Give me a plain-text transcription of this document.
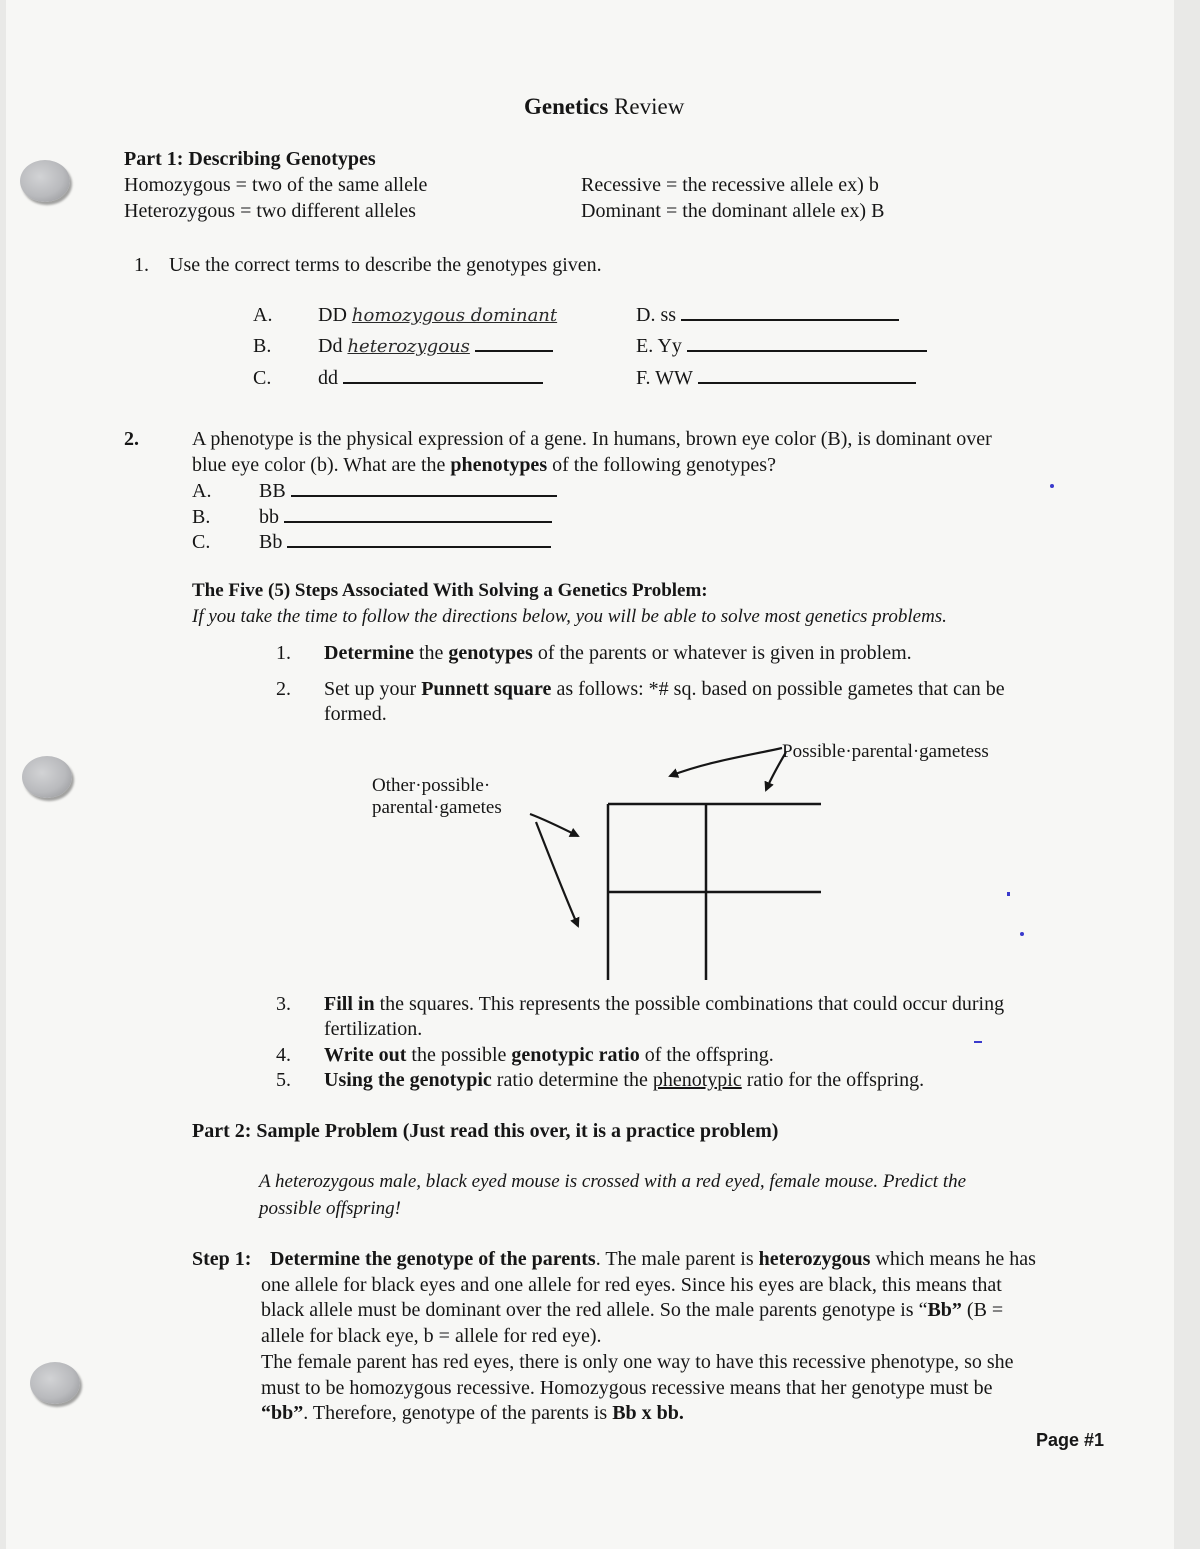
Genetics Review
Part 1: Describing Genotypes
Homozygous = two of the same allele
Heterozygous = two different alleles
Recessive = the recessive allele ex) b
Dominant = the dominant allele ex) B
1. Use the correct terms to describe the genotypes given.
A. DD homozygous dominant
B. Dd heterozygous
C. dd
D. ss
E. Yy
F. WW
2.	A phenotype is the physical expression of a gene. In humans, brown eye color (B), is dominant over
blue eye color (b). What are the phenotypes of the following genotypes?
A. BB
B. bb
C. Bb
The Five (5) Steps Associated With Solving a Genetics Problem:
If you take the time to follow the directions below, you will be able to solve most genetics problems.
1. Determine the genotypes of the parents or whatever is given in problem.
2. Set up your Punnett square as follows: *# sq. based on possible gametes that can be
formed.
Possible·parental·gametess
Other·possible·
parental·gametes
3. Fill in the squares. This represents the possible combinations that could occur during
fertilization.
4. Write out the possible genotypic ratio of the offspring.
5. Using the genotypic ratio determine the phenotypic ratio for the offspring.
Part 2: Sample Problem (Just read this over, it is a practice problem)
A heterozygous male, black eyed mouse is crossed with a red eyed, female mouse. Predict the
possible offspring!
Step 1: Determine the genotype of the parents. The male parent is heterozygous which means he has
one allele for black eyes and one allele for red eyes. Since his eyes are black, this means that
black allele must be dominant over the red allele. So the male parents genotype is “Bb” (B =
allele for black eye, b = allele for red eye).
The female parent has red eyes, there is only one way to have this recessive phenotype, so she
must to be homozygous recessive. Homozygous recessive means that her genotype must be
“bb”. Therefore, genotype of the parents is Bb x bb.
Page #1
